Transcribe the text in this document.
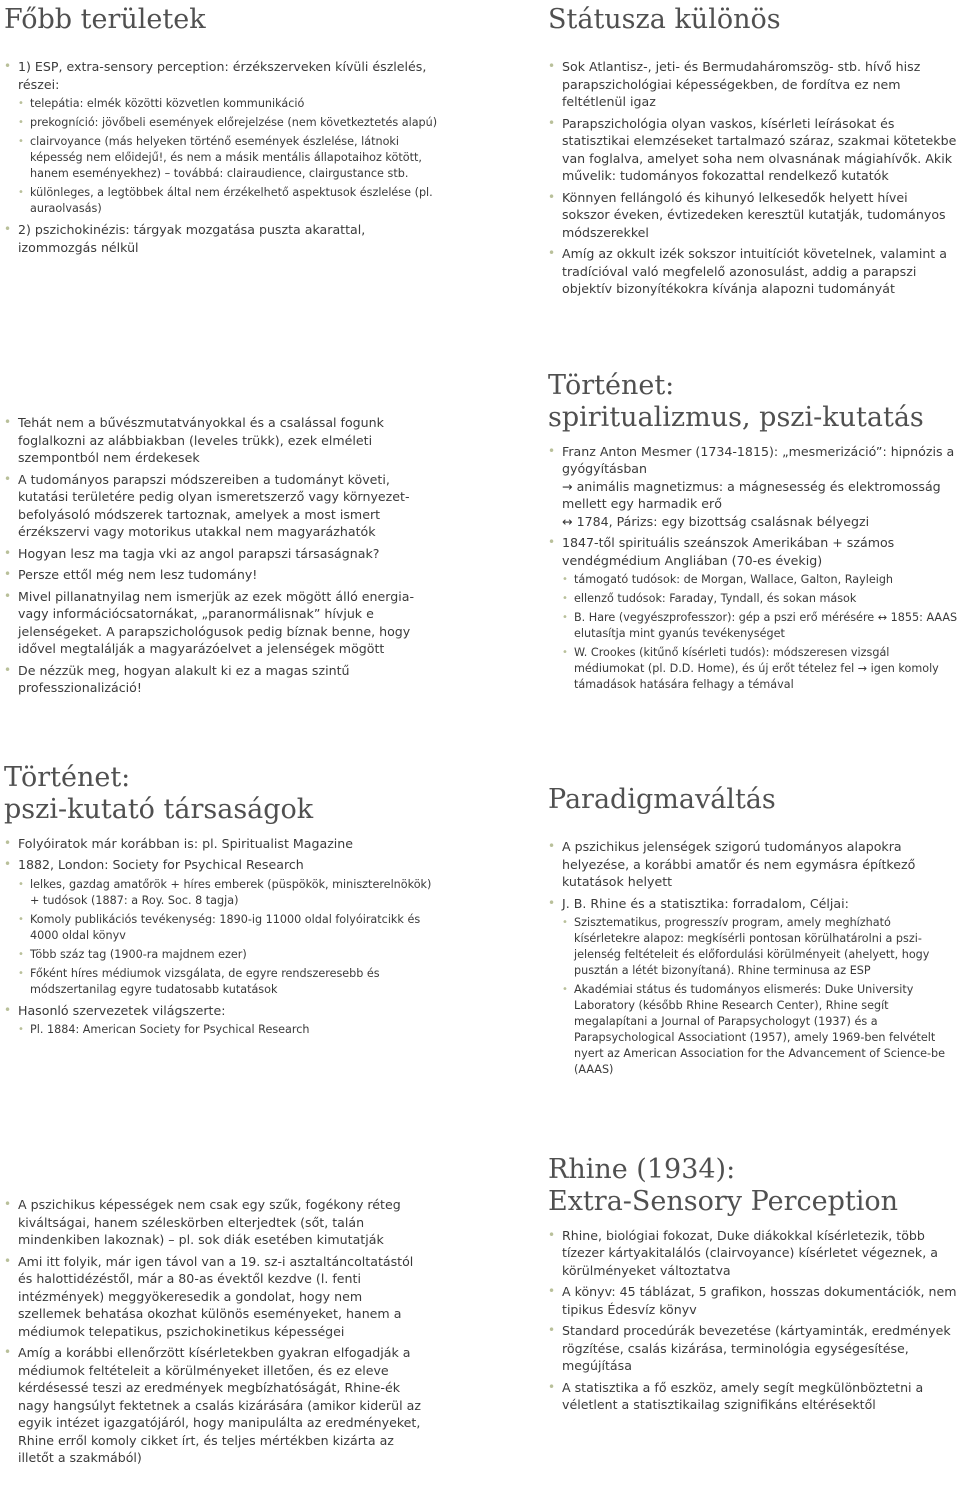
Főbb területek
• 1) ESP, extra-sensory perception: érzékszerveken kívüli észlelés, részei:
• telepátia: elmék közötti közvetlen kommunikáció
• prekogníció: jövőbeli események előrejelzése (nem következtetés alapú)
• clairvoyance (más helyeken történő események észlelése, látnoki képesség nem előidejű!, és nem a másik mentális állapotaihoz kötött, hanem eseményekhez) – továbbá: clairaudience, clairgustance stb.
• különleges, a legtöbbek által nem érzékelhető aspektusok észlelése (pl. auraolvasás)
• 2) pszichokinézis: tárgyak mozgatása puszta akarattal, izommozgás nélkül
Státusza különös
• Sok Atlantisz-, jeti- és Bermudaháromszög- stb. hívő hisz parapszichológiai képességekben, de fordítva ez nem feltétlenül igaz
• Parapszichológia olyan vaskos, kísérleti leírásokat és statisztikai elemzéseket tartalmazó száraz, szakmai kötetekbe van foglalva, amelyet soha nem olvasnának mágiahívők. Akik művelik: tudományos fokozattal rendelkező kutatók
• Könnyen fellángoló és kihunyó lelkesedők helyett hívei sokszor éveken, évtizedeken keresztül kutatják, tudományos módszerekkel
• Amíg az okkult izék sokszor intuitíciót követelnek, valamint a tradícióval való megfelelő azonosulást, addig a parapszi objektív bizonyítékokra kívánja alapozni tudományát
• Tehát nem a bűvészmutatványokkal és a csalással fogunk foglalkozni az alábbiakban (leveles trükk), ezek elméleti szempontból nem érdekesek
• A tudományos parapszi módszereiben a tudományt követi, kutatási területére pedig olyan ismeretszerző vagy környezet-befolyásoló módszerek tartoznak, amelyek a most ismert érzékszervi vagy motorikus utakkal nem magyarázhatók
• Hogyan lesz ma tagja vki az angol parapszi társaságnak?
• Persze ettől még nem lesz tudomány!
• Mivel pillanatnyilag nem ismerjük az ezek mögött álló energia-vagy információcsatornákat, „paranormálisnak” hívjuk e jelenségeket. A parapszichológusok pedig bíznak benne, hogy idővel megtalálják a magyarázóelvet a jelenségek mögött
• De nézzük meg, hogyan alakult ki ez a magas szintű professzionalizáció!
Történet:
spiritualizmus, pszi-kutatás
• Franz Anton Mesmer (1734-1815): „mesmerizáció”: hipnózis a gyógyításban
→ animális magnetizmus: a mágnesesség és elektromosság mellett egy harmadik erő
↔ 1784, Párizs: egy bizottság csalásnak bélyegzi
• 1847-től spirituális szeánszok Amerikában + számos vendégmédium Angliában (70-es évekig)
• támogató tudósok: de Morgan, Wallace, Galton, Rayleigh
• ellenző tudósok: Faraday, Tyndall, és sokan mások
• B. Hare (vegyészprofesszor): gép a pszi erő mérésére ↔ 1855: AAAS elutasítja mint gyanús tevékenységet
• W. Crookes (kitűnő kísérleti tudós): módszeresen vizsgál médiumokat (pl. D.D. Home), és új erőt tételez fel → igen komoly támadások hatására felhagy a témával
Történet:
pszi-kutató társaságok
• Folyóiratok már korábban is: pl. Spiritualist Magazine
• 1882, London: Society for Psychical Research
• lelkes, gazdag amatőrök + híres emberek (püspökök, miniszterelnökök) + tudósok (1887: a Roy. Soc. 8 tagja)
• Komoly publikációs tevékenység: 1890-ig 11000 oldal folyóiratcikk és 4000 oldal könyv
• Több száz tag (1900-ra majdnem ezer)
• Főként híres médiumok vizsgálata, de egyre rendszeresebb és módszertanilag egyre tudatosabb kutatások
• Hasonló szervezetek világszerte:
• Pl. 1884: American Society for Psychical Research
Paradigmaváltás
• A pszichikus jelenségek szigorú tudományos alapokra helyezése, a korábbi amatőr és nem egymásra építkező kutatások helyett
• J. B. Rhine és a statisztika: forradalom, Céljai:
• Szisztematikus, progresszív program, amely meghízható kísérletekre alapoz: megkísérli pontosan körülhatárolni a pszi-jelenség feltételeit és előfordulási körülményeit (ahelyett, hogy pusztán a létét bizonyítaná). Rhine terminusa az ESP
• Akadémiai státus és tudományos elismerés: Duke University Laboratory (később Rhine Research Center), Rhine segít megalapítani a Journal of Parapsychologyt (1937) és a Parapsychological Associationt (1957), amely 1969-ben felvételt nyert az American Association for the Advancement of Science-be (AAAS)
• A pszichikus képességek nem csak egy szűk, fogékony réteg kiváltságai, hanem széleskörben elterjedtek (sőt, talán mindenkiben lakoznak) – pl. sok diák esetében kimutatják
• Ami itt folyik, már igen távol van a 19. sz-i asztaltáncoltatástól és halottidézéstől, már a 80-as évektől kezdve (l. fenti intézmények) meggyökeresedik a gondolat, hogy nem szellemek behatása okozhat különös eseményeket, hanem a médiumok telepatikus, pszichokinetikus képességei
• Amíg a korábbi ellenőrzött kísérletekben gyakran elfogadják a médiumok feltételeit a körülményeket illetően, és ez eleve kérdésessé teszi az eredmények megbízhatóságát, Rhine-ék nagy hangsúlyt fektetnek a csalás kizárására (amikor kiderül az egyik intézet igazgatójáról, hogy manipulálta az eredményeket, Rhine erről komoly cikket írt, és teljes mértékben kizárta az illetőt a szakmából)
Rhine (1934):
Extra-Sensory Perception
• Rhine, biológiai fokozat, Duke diákokkal kísérletezik, több tízezer kártyakitalálós (clairvoyance) kísérletet végeznek, a körülményeket változtatva
• A könyv: 45 táblázat, 5 grafikon, hosszas dokumentációk, nem tipikus Édesvíz könyv
• Standard procedúrák bevezetése (kártyaminták, eredmények rögzítése, csalás kizárása, terminológia egységesítése, megújítása
• A statisztika a fő eszköz, amely segít megkülönböztetni a véletlent a statisztikailag szignifikáns eltérésektől
